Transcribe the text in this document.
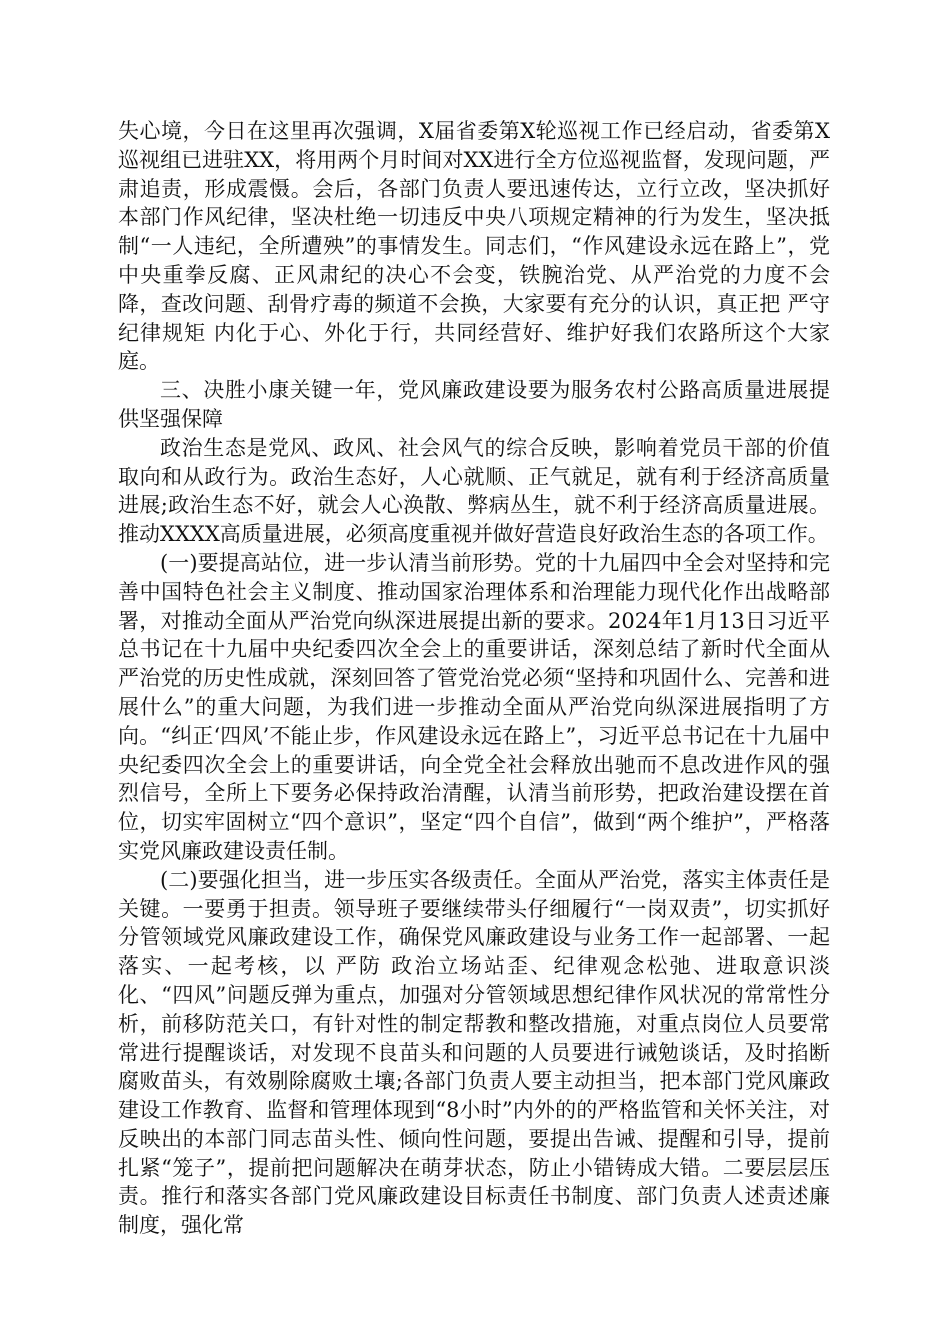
失心境，今日在这里再次强调，X届省委第X轮巡视工作已经启动，省委第X巡视组已进驻XX，将用两个月时间对XX进行全方位巡视监督，发现问题，严肃追责，形成震慑。会后，各部门负责人要迅速传达，立行立改，坚决抓好本部门作风纪律，坚决杜绝一切违反中央八项规定精神的行为发生，坚决抵制“一人违纪，全所遭殃”的事情发生。同志们，“作风建设永远在路上”，党中央重拳反腐、正风肃纪的决心不会变，铁腕治党、从严治党的力度不会降，查改问题、刮骨疗毒的频道不会换，大家要有充分的认识，真正把 严守纪律规矩 内化于心、外化于行，共同经营好、维护好我们农路所这个大家庭。

三、决胜小康关键一年，党风廉政建设要为服务农村公路高质量进展提供坚强保障

政治生态是党风、政风、社会风气的综合反映，影响着党员干部的价值取向和从政行为。政治生态好，人心就顺、正气就足，就有利于经济高质量进展;政治生态不好，就会人心涣散、弊病丛生，就不利于经济高质量进展。推动XXXX高质量进展，必须高度重视并做好营造良好政治生态的各项工作。

(一)要提高站位，进一步认清当前形势。党的十九届四中全会对坚持和完善中国特色社会主义制度、推动国家治理体系和治理能力现代化作出战略部署，对推动全面从严治党向纵深进展提出新的要求。2024年1月13日习近平总书记在十九届中央纪委四次全会上的重要讲话，深刻总结了新时代全面从严治党的历史性成就，深刻回答了管党治党必须“坚持和巩固什么、完善和进展什么”的重大问题，为我们进一步推动全面从严治党向纵深进展指明了方向。“纠正‘四风’不能止步，作风建设永远在路上”，习近平总书记在十九届中央纪委四次全会上的重要讲话，向全党全社会释放出驰而不息改进作风的强烈信号，全所上下要务必保持政治清醒，认清当前形势，把政治建设摆在首位，切实牢固树立“四个意识”，坚定“四个自信”，做到“两个维护”，严格落实党风廉政建设责任制。

(二)要强化担当，进一步压实各级责任。全面从严治党，落实主体责任是关键。一要勇于担责。领导班子要继续带头仔细履行“一岗双责”，切实抓好分管领域党风廉政建设工作，确保党风廉政建设与业务工作一起部署、一起落实、一起考核，以 严防 政治立场站歪、纪律观念松弛、进取意识淡化、“四风”问题反弹为重点，加强对分管领域思想纪律作风状况的常常性分析，前移防范关口，有针对性的制定帮教和整改措施，对重点岗位人员要常常进行提醒谈话，对发现不良苗头和问题的人员要进行诫勉谈话，及时掐断腐败苗头，有效剔除腐败土壤;各部门负责人要主动担当，把本部门党风廉政建设工作教育、监督和管理体现到“8小时”内外的的严格监管和关怀关注，对反映出的本部门同志苗头性、倾向性问题，要提出告诫、提醒和引导，提前扎紧“笼子”，提前把问题解决在萌芽状态，防止小错铸成大错。二要层层压责。推行和落实各部门党风廉政建设目标责任书制度、部门负责人述责述廉制度，强化常
